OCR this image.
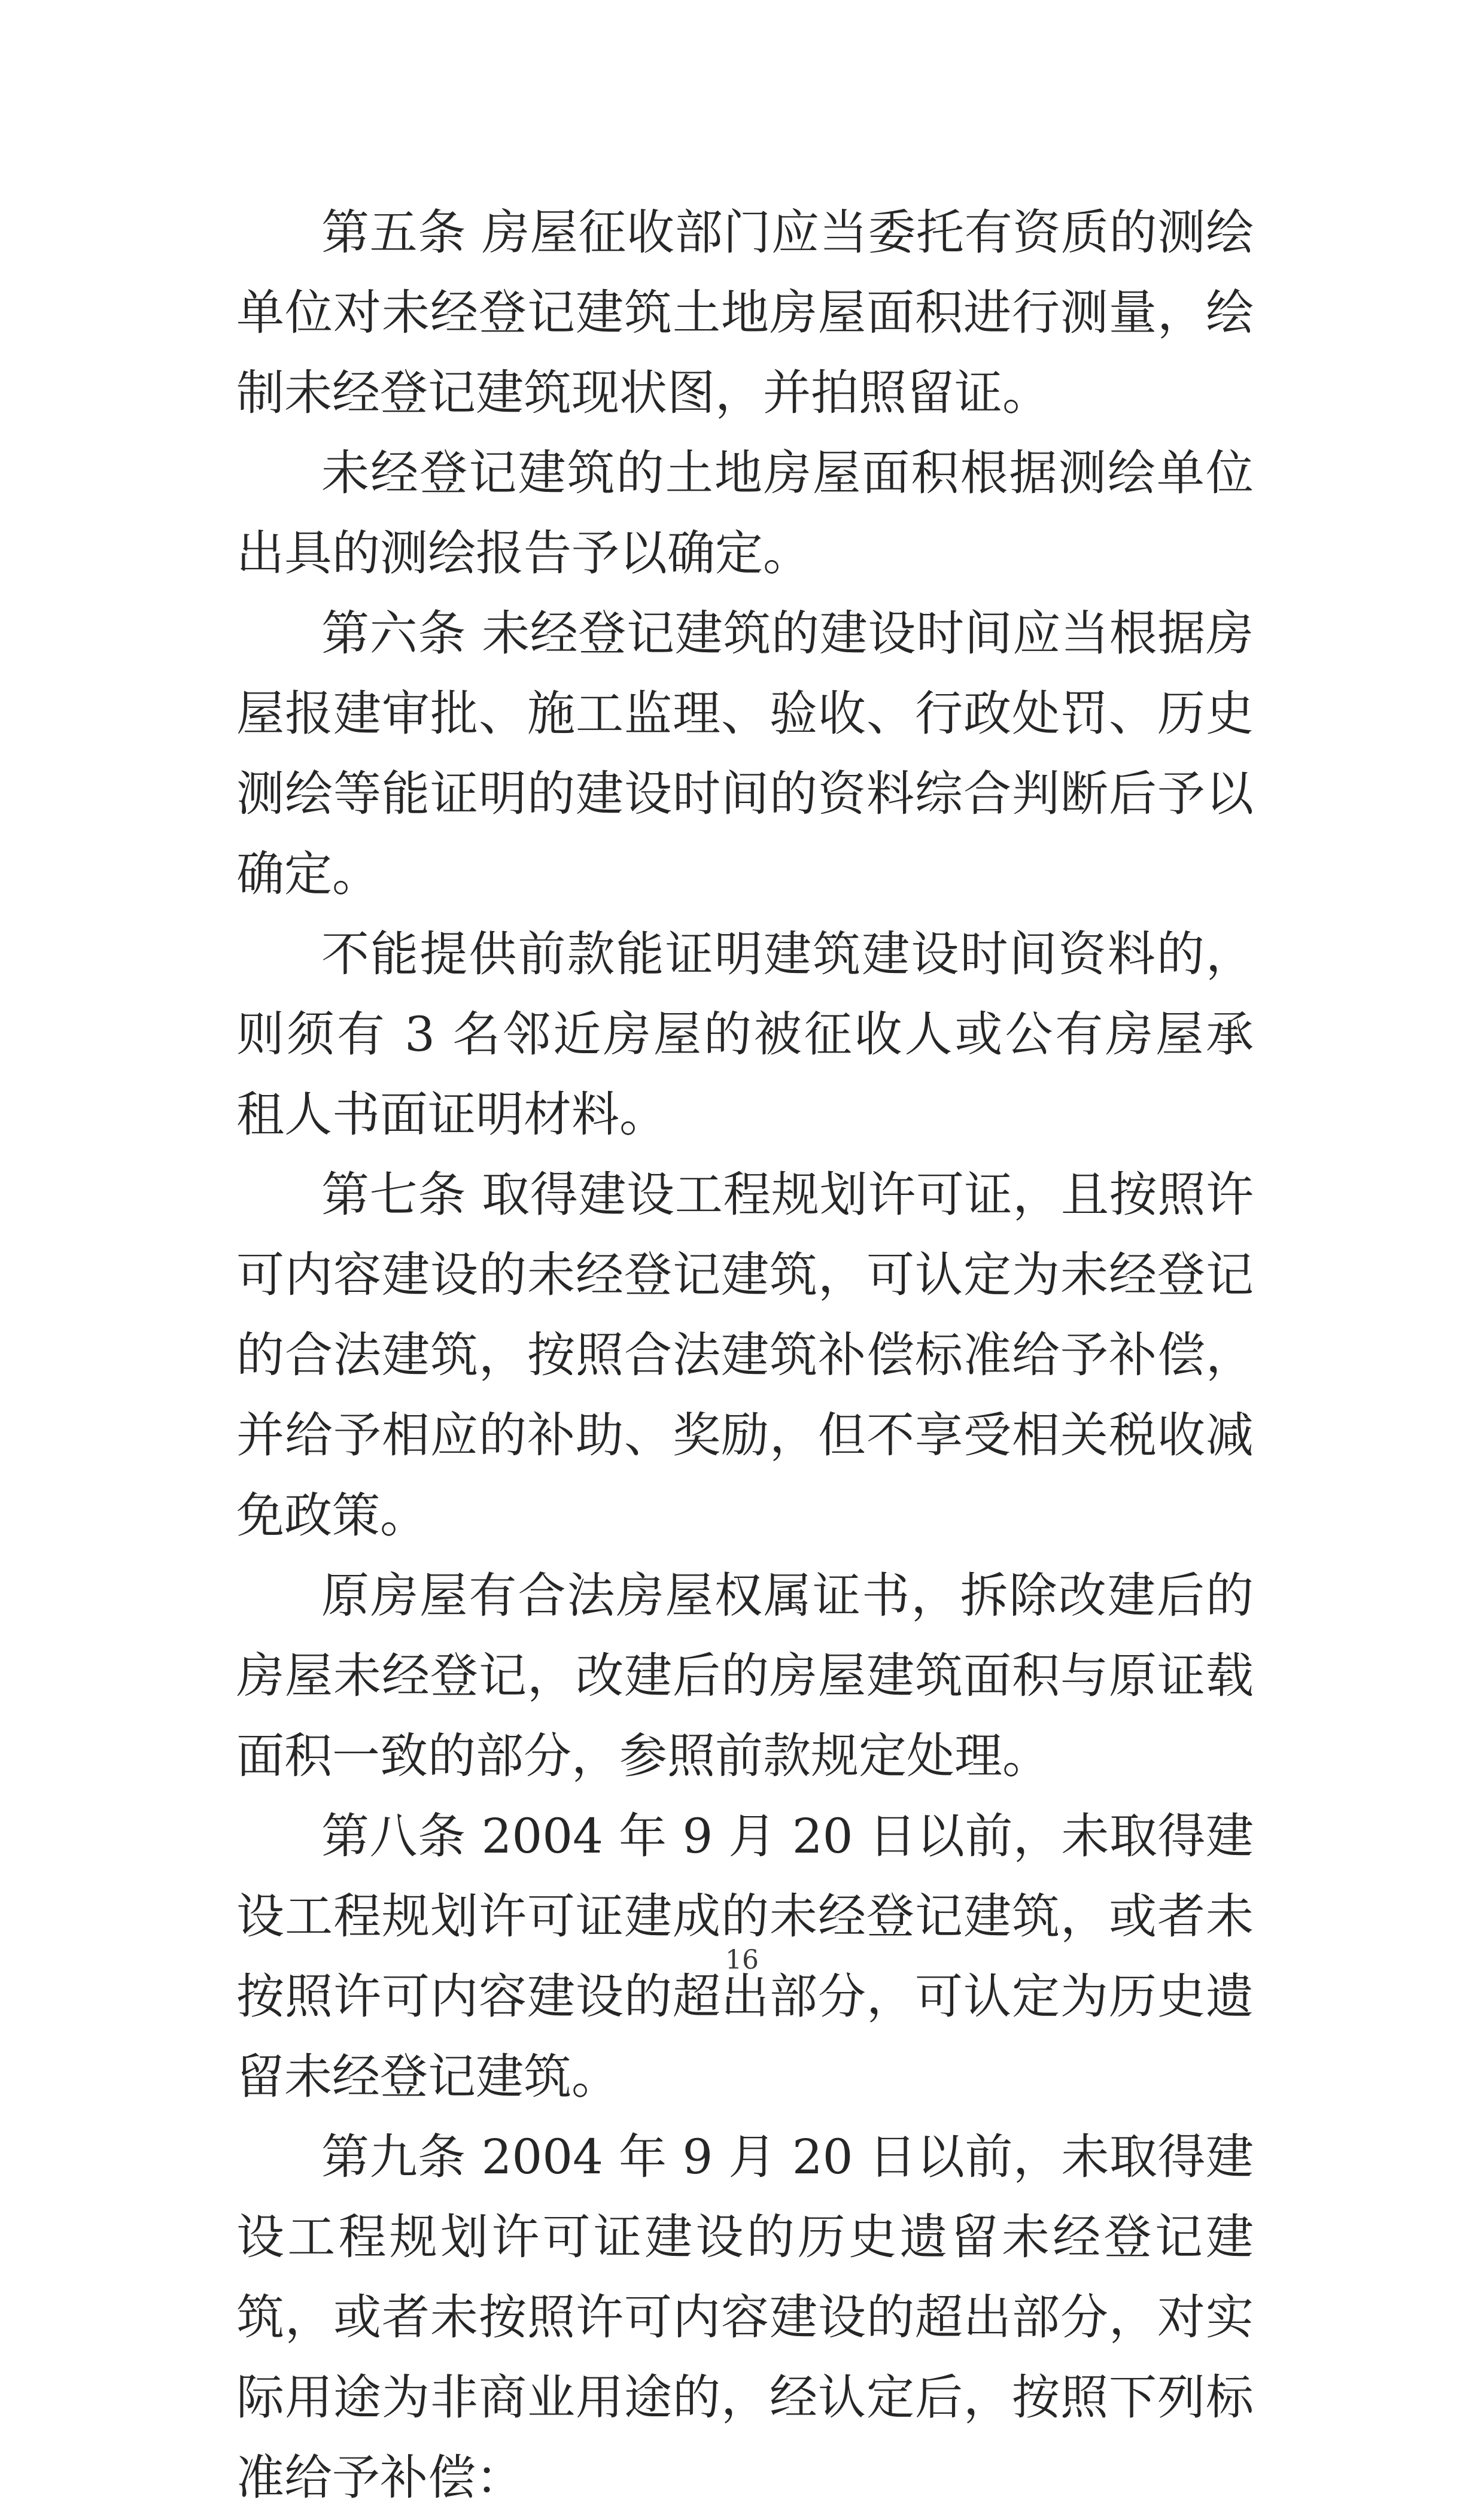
第五条 房屋征收部门应当委托有资质的测绘单位对未经登记建筑土地房屋面积进行测量，绘制未经登记建筑现状图，并拍照留证。

未经登记建筑的土地房屋面积根据测绘单位出具的测绘报告予以确定。

第六条 未经登记建筑的建设时间应当根据房屋报建审批、施工监理、验收、行政处罚、历史测绘等能证明的建设时间的资料综合判断后予以确定。

不能提供前款能证明建筑建设时间资料的，则须有 3 名邻近房屋的被征收人或公有房屋承租人书面证明材料。

第七条 取得建设工程规划许可证，且按照许可内容建设的未经登记建筑，可认定为未经登记的合法建筑，按照合法建筑补偿标准给予补偿，并给予相应的补助、奖励，但不享受相关税收减免政策。

原房屋有合法房屋权属证书，拆除改建后的房屋未经登记，改建后的房屋建筑面积与原证载面积一致的部分，参照前款规定处理。

第八条 2004 年 9 月 20 日以前，未取得建设工程规划许可证建成的未经登记建筑，或者未按照许可内容建设的超出部分，可认定为历史遗留未经登记建筑。

第九条 2004 年 9 月 20 日以前，未取得建设工程规划许可证建设的历史遗留未经登记建筑，或者未按照许可内容建设的超出部分，对实际用途为非商业用途的，经认定后，按照下列标准给予补偿：

16
